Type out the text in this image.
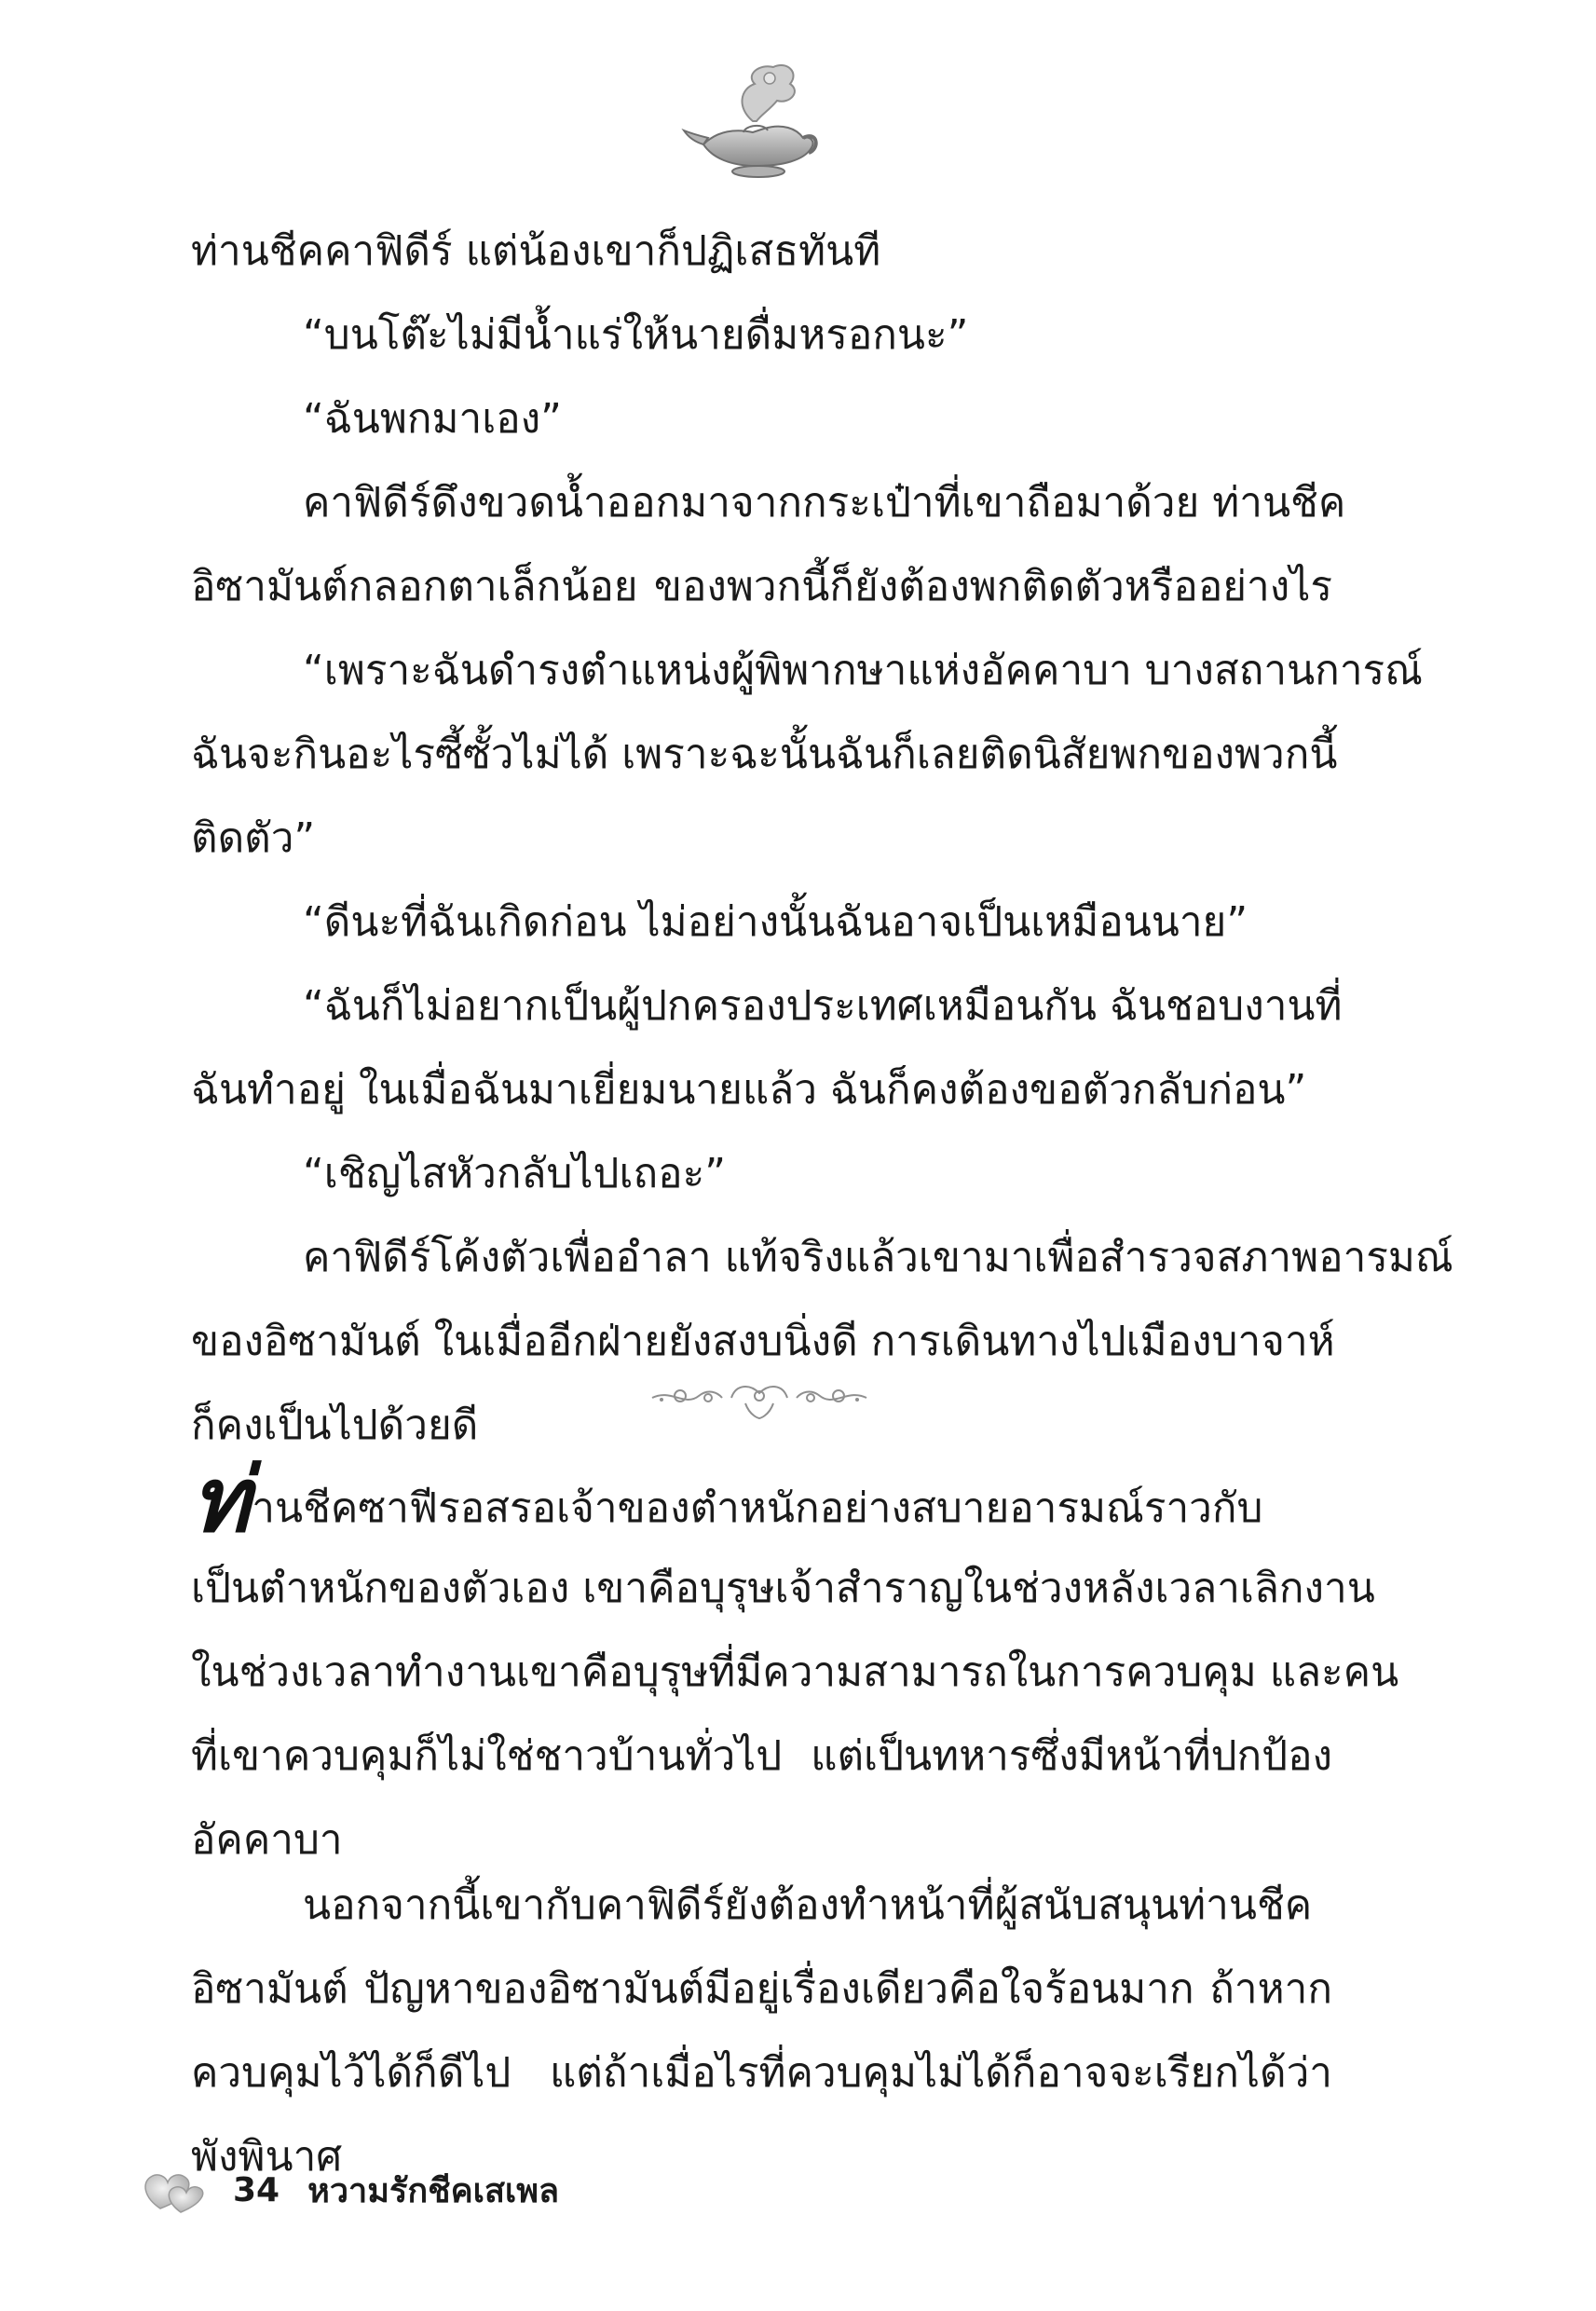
ท่านชีคคาฟิดีร์ แต่น้องเขาก็ปฏิเสธทันที
“บนโต๊ะไม่มีน้ำแร่ให้นายดื่มหรอกนะ”
“ฉันพกมาเอง”
คาฟิดีร์ดึงขวดน้ำออกมาจากกระเป๋าที่เขาถือมาด้วย ท่านชีค
อิซามันต์กลอกตาเล็กน้อย ของพวกนี้ก็ยังต้องพกติดตัวหรืออย่างไร
“เพราะฉันดำรงตำแหน่งผู้พิพากษาแห่งอัคคาบา บางสถานการณ์
ฉันจะกินอะไรซี้ซั้วไม่ได้ เพราะฉะนั้นฉันก็เลยติดนิสัยพกของพวกนี้
ติดตัว”
“ดีนะที่ฉันเกิดก่อน ไม่อย่างนั้นฉันอาจเป็นเหมือนนาย”
“ฉันก็ไม่อยากเป็นผู้ปกครองประเทศเหมือนกัน ฉันชอบงานที่
ฉันทำอยู่ ในเมื่อฉันมาเยี่ยมนายแล้ว ฉันก็คงต้องขอตัวกลับก่อน”
“เชิญไสหัวกลับไปเถอะ”
คาฟิดีร์โค้งตัวเพื่ออำลา แท้จริงแล้วเขามาเพื่อสำรวจสภาพอารมณ์
ของอิซามันต์ ในเมื่ออีกฝ่ายยังสงบนิ่งดี การเดินทางไปเมืองบาจาห์
ก็คงเป็นไปด้วยดี
ท่านชีคซาฟีรอสรอเจ้าของตำหนักอย่างสบายอารมณ์ราวกับ
เป็นตำหนักของตัวเอง เขาคือบุรุษเจ้าสำราญในช่วงหลังเวลาเลิกงาน
ในช่วงเวลาทำงานเขาคือบุรุษที่มีความสามารถในการควบคุม และคน
ที่เขาควบคุมก็ไม่ใช่ชาวบ้านทั่วไป แต่เป็นทหารซึ่งมีหน้าที่ปกป้อง
อัคคาบา
นอกจากนี้เขากับคาฟิดีร์ยังต้องทำหน้าที่ผู้สนับสนุนท่านชีค
อิซามันต์ ปัญหาของอิซามันต์มีอยู่เรื่องเดียวคือใจร้อนมาก ถ้าหาก
ควบคุมไว้ได้ก็ดีไป แต่ถ้าเมื่อไรที่ควบคุมไม่ได้ก็อาจจะเรียกได้ว่า
พังพินาศ
34 หวามรักชีคเสเพล
